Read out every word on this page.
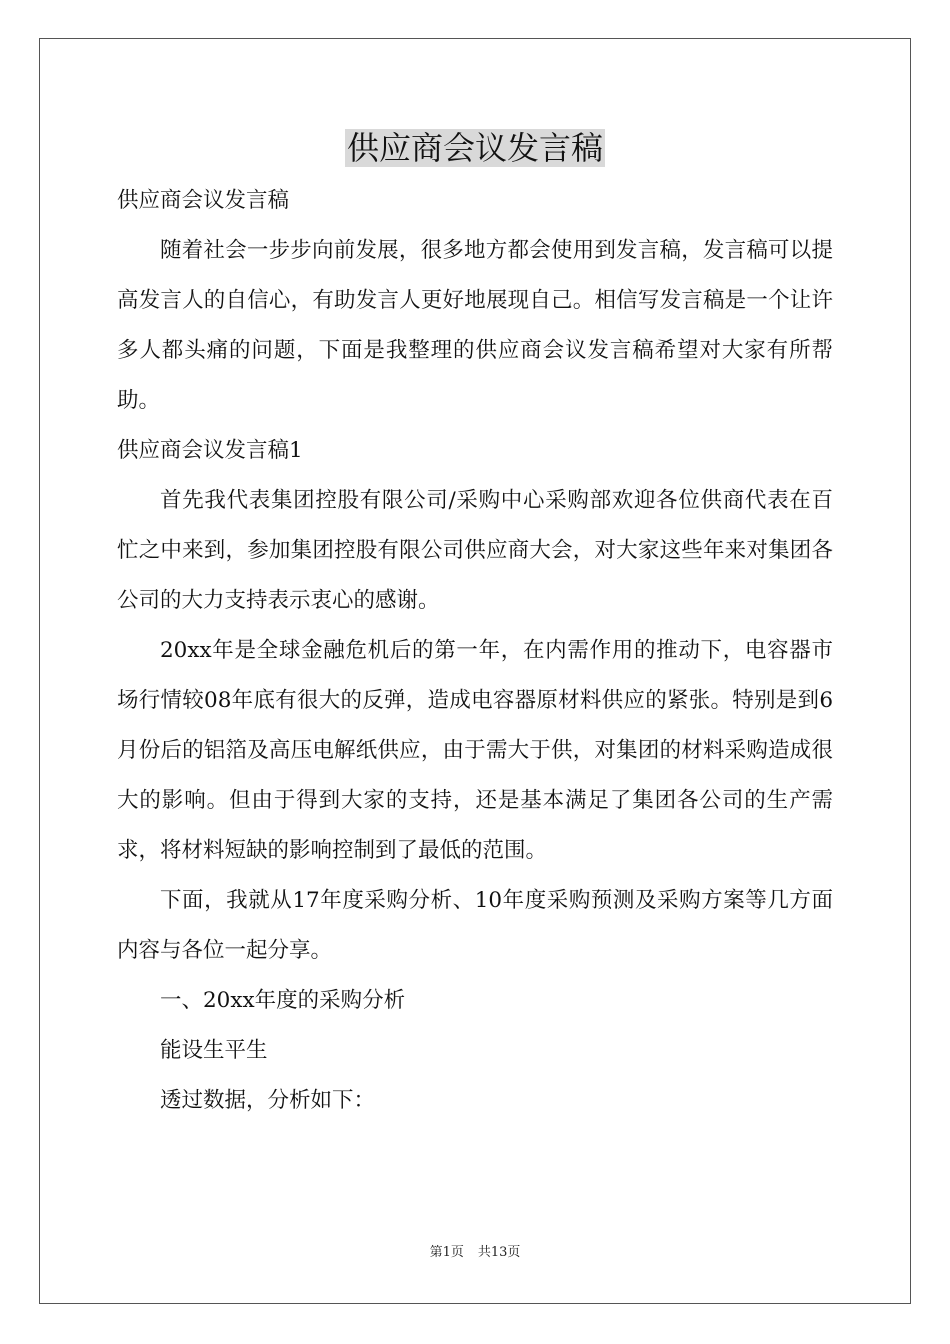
供应商会议发言稿

供应商会议发言稿

随着社会一步步向前发展，很多地方都会使用到发言稿，发言稿可以提高发言人的自信心，有助发言人更好地展现自己。相信写发言稿是一个让许多人都头痛的问题，下面是我整理的供应商会议发言稿希望对大家有所帮助。

供应商会议发言稿1

首先我代表集团控股有限公司/采购中心采购部欢迎各位供商代表在百忙之中来到，参加集团控股有限公司供应商大会，对大家这些年来对集团各公司的大力支持表示衷心的感谢。

20xx年是全球金融危机后的第一年，在内需作用的推动下，电容器市场行情较08年底有很大的反弹，造成电容器原材料供应的紧张。特别是到6月份后的铝箔及高压电解纸供应，由于需大于供，对集团的材料采购造成很大的影响。但由于得到大家的支持，还是基本满足了集团各公司的生产需求，将材料短缺的影响控制到了最低的范围。

下面，我就从17年度采购分析、10年度采购预测及采购方案等几方面内容与各位一起分享。

一、20xx年度的采购分析

能设生平生

透过数据，分析如下：

第1页 共13页
